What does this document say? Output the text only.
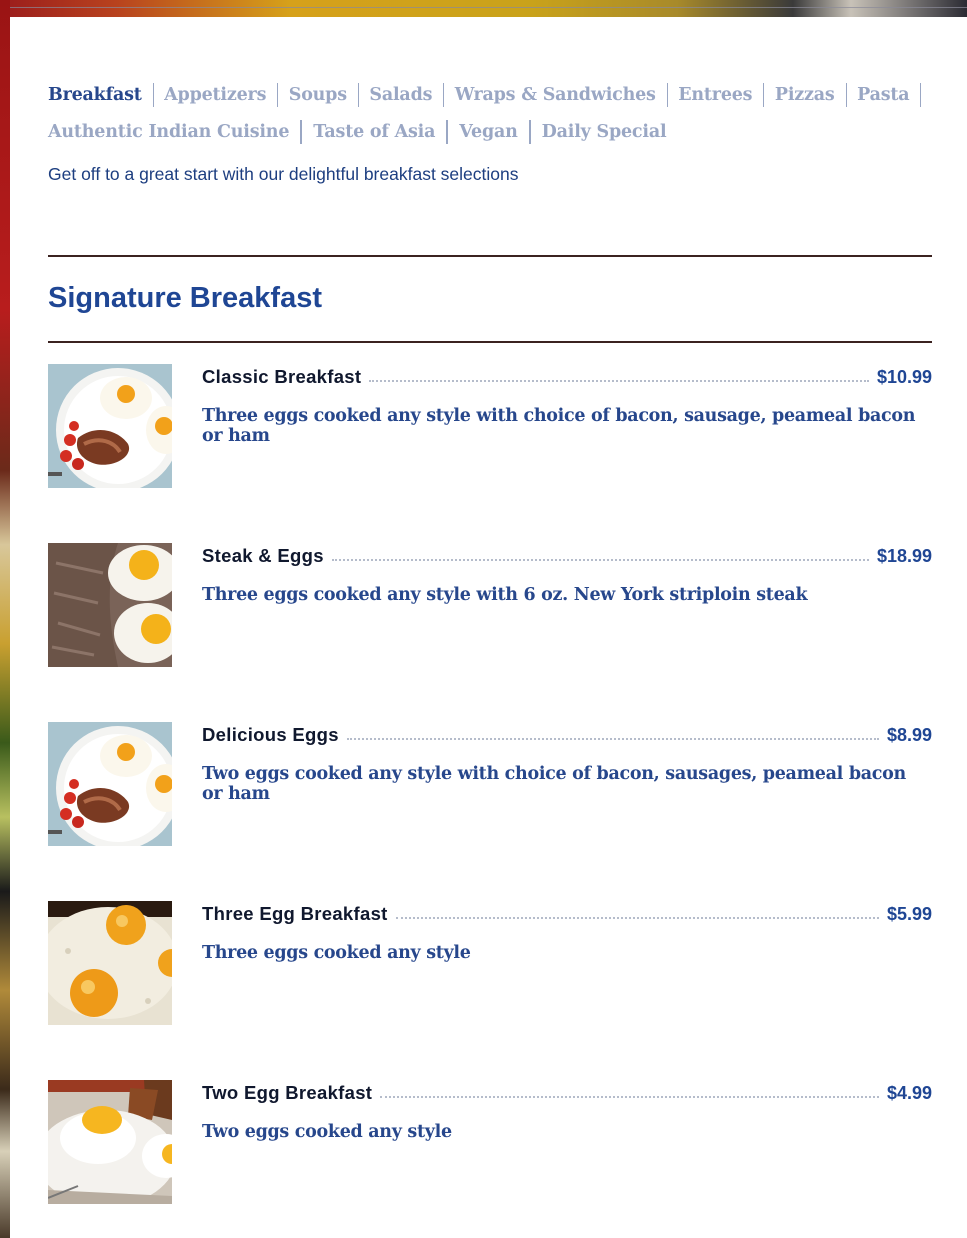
Breakfast Appetizers Soups Salads Wraps & Sandwiches Entrees Pizzas Pasta
Authentic Indian Cuisine Taste of Asia Vegan Daily Special

Get off to a great start with our delightful breakfast selections

Signature Breakfast
Classic Breakfast	$10.99
Three eggs cooked any style with choice of bacon, sausage, peameal bacon or ham
Steak & Eggs	$18.99
Three eggs cooked any style with 6 oz. New York striploin steak
Delicious Eggs	$8.99
Two eggs cooked any style with choice of bacon, sausages, peameal bacon or ham
Three Egg Breakfast	$5.99
Three eggs cooked any style
Two Egg Breakfast	$4.99
Two eggs cooked any style
